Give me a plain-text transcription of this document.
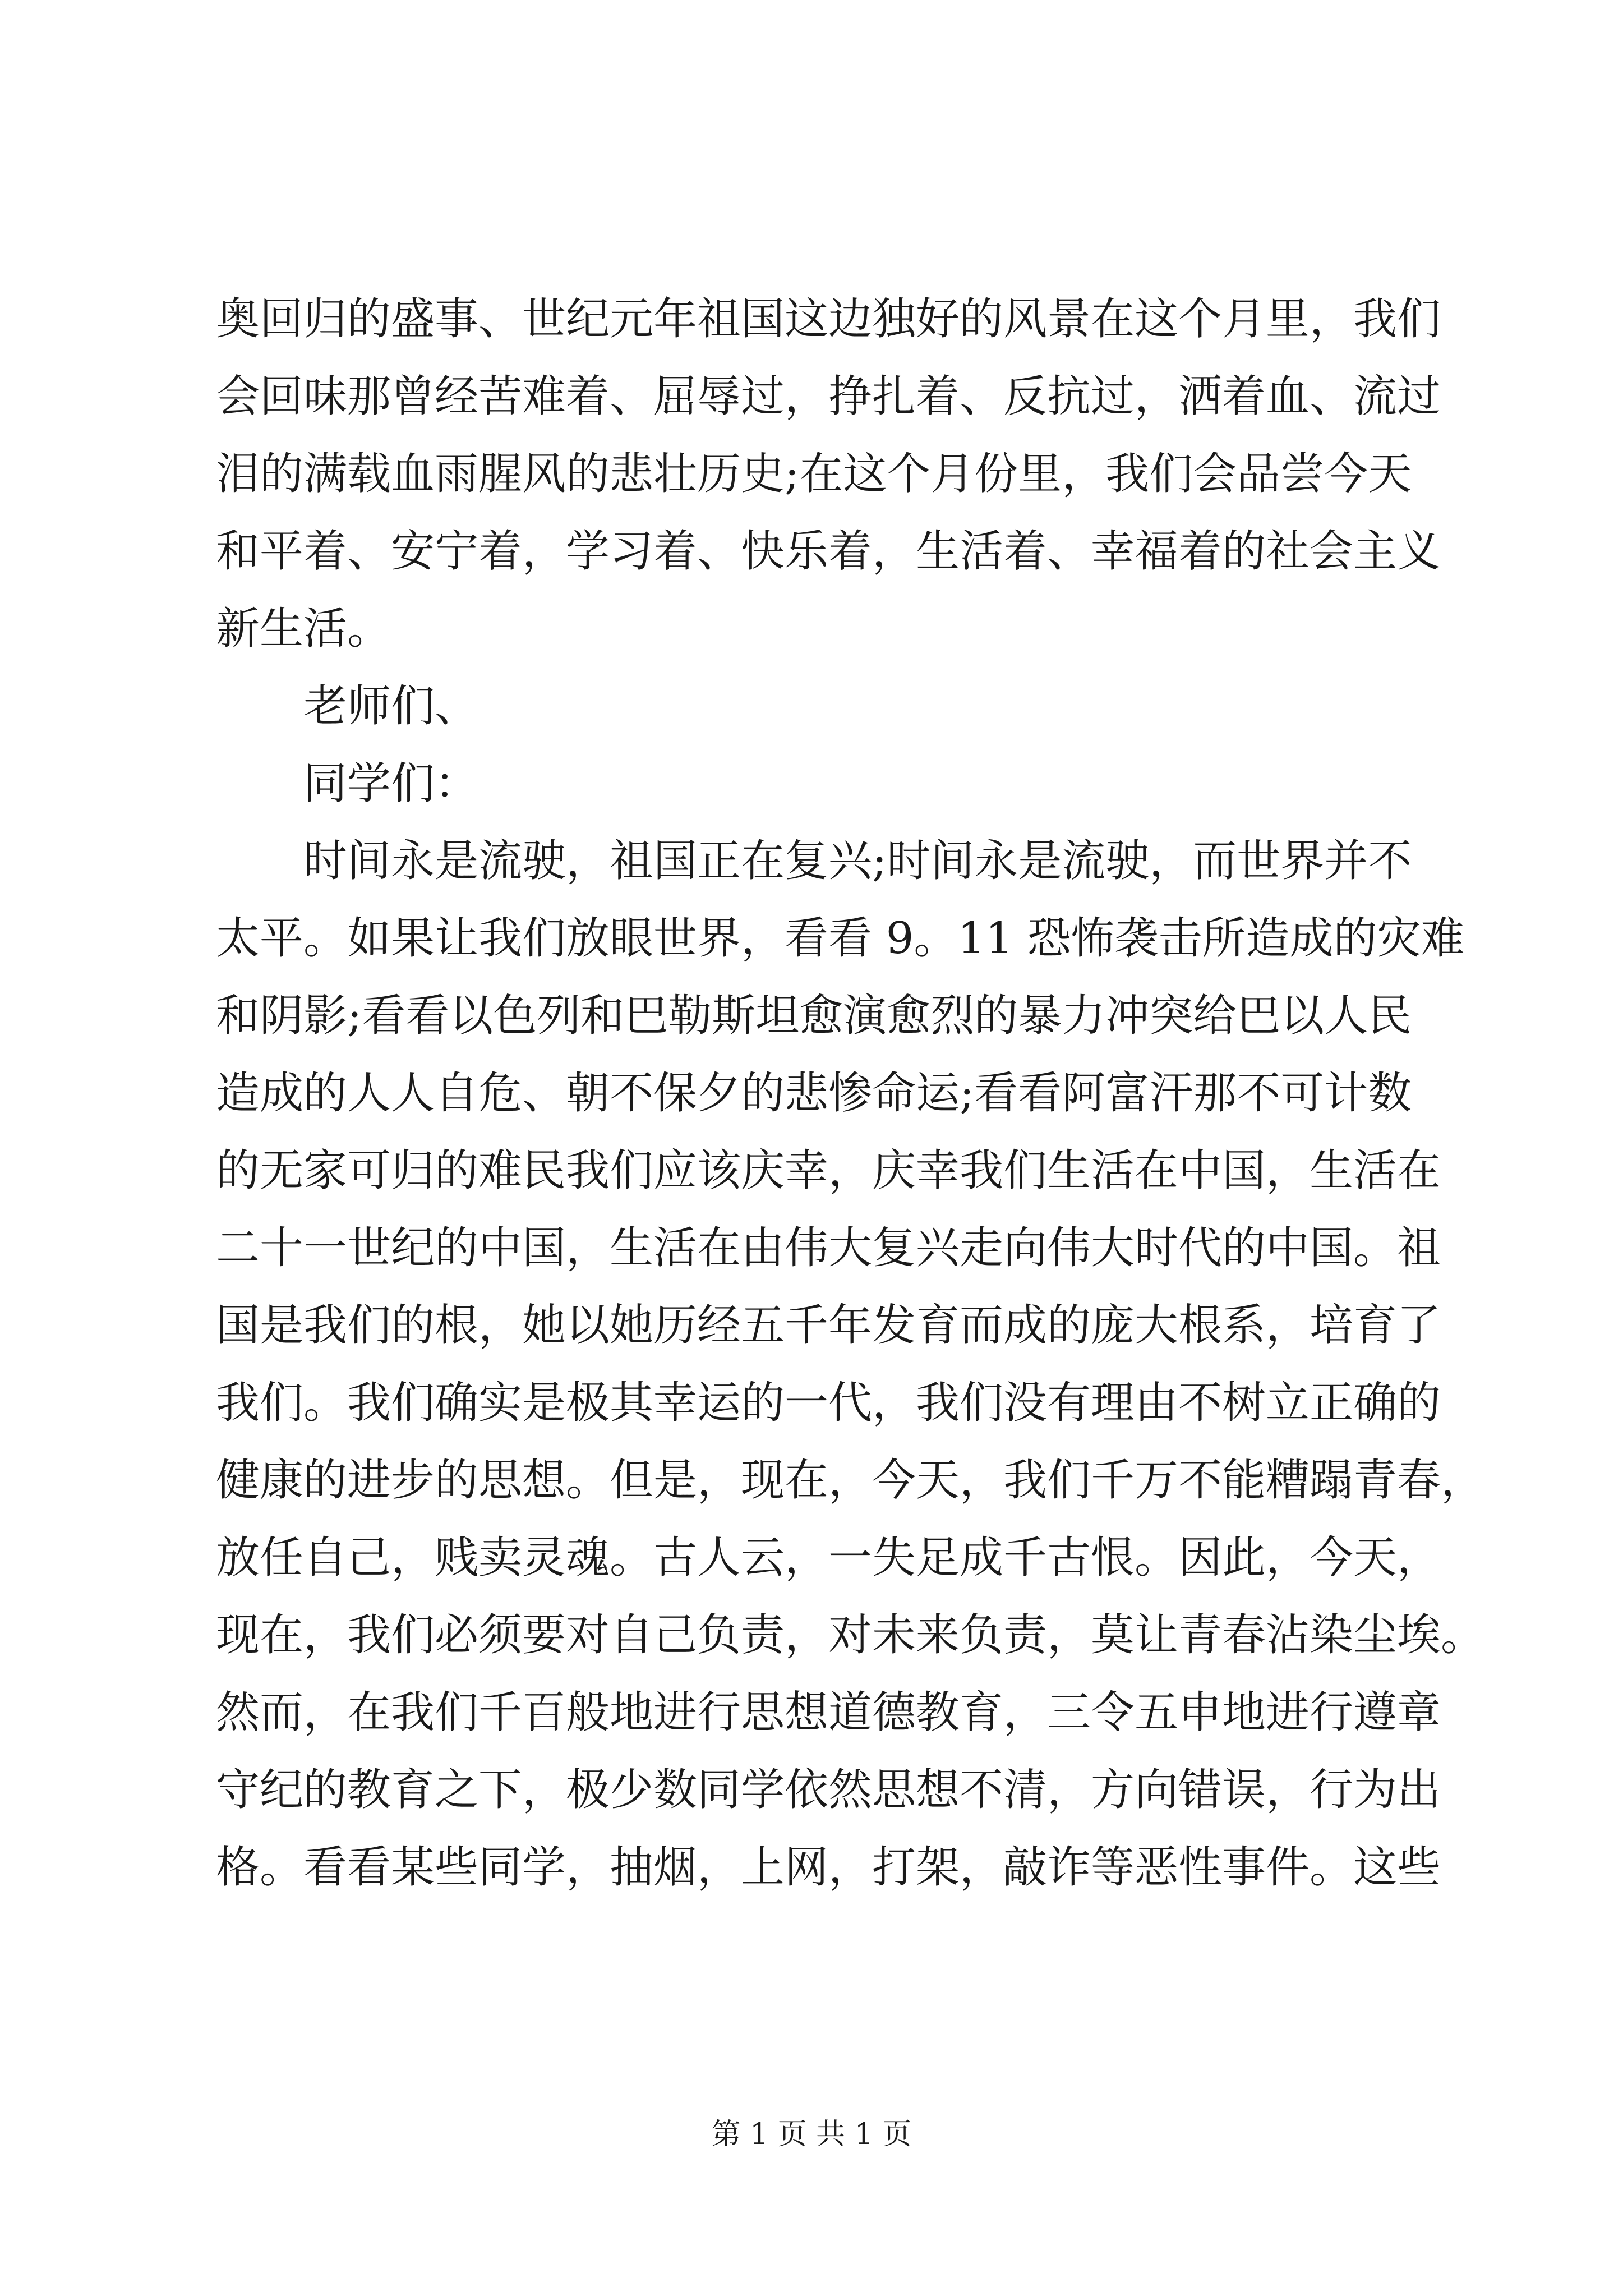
奥回归的盛事、世纪元年祖国这边独好的风景在这个月里，我们
会回味那曾经苦难着、屈辱过，挣扎着、反抗过，洒着血、流过
泪的满载血雨腥风的悲壮历史;在这个月份里，我们会品尝今天
和平着、安宁着，学习着、快乐着，生活着、幸福着的社会主义
新生活。
老师们、
同学们：
时间永是流驶，祖国正在复兴;时间永是流驶，而世界并不
太平。如果让我们放眼世界，看看 9。11 恐怖袭击所造成的灾难
和阴影;看看以色列和巴勒斯坦愈演愈烈的暴力冲突给巴以人民
造成的人人自危、朝不保夕的悲惨命运;看看阿富汗那不可计数
的无家可归的难民我们应该庆幸，庆幸我们生活在中国，生活在
二十一世纪的中国，生活在由伟大复兴走向伟大时代的中国。祖
国是我们的根，她以她历经五千年发育而成的庞大根系，培育了
我们。我们确实是极其幸运的一代，我们没有理由不树立正确的
健康的进步的思想。但是，现在，今天，我们千万不能糟蹋青春，
放任自己，贱卖灵魂。古人云，一失足成千古恨。因此，今天，
现在，我们必须要对自己负责，对未来负责，莫让青春沾染尘埃。
然而，在我们千百般地进行思想道德教育，三令五申地进行遵章
守纪的教育之下，极少数同学依然思想不清，方向错误，行为出
格。看看某些同学，抽烟，上网，打架，敲诈等恶性事件。这些
第 1 页 共 1 页
